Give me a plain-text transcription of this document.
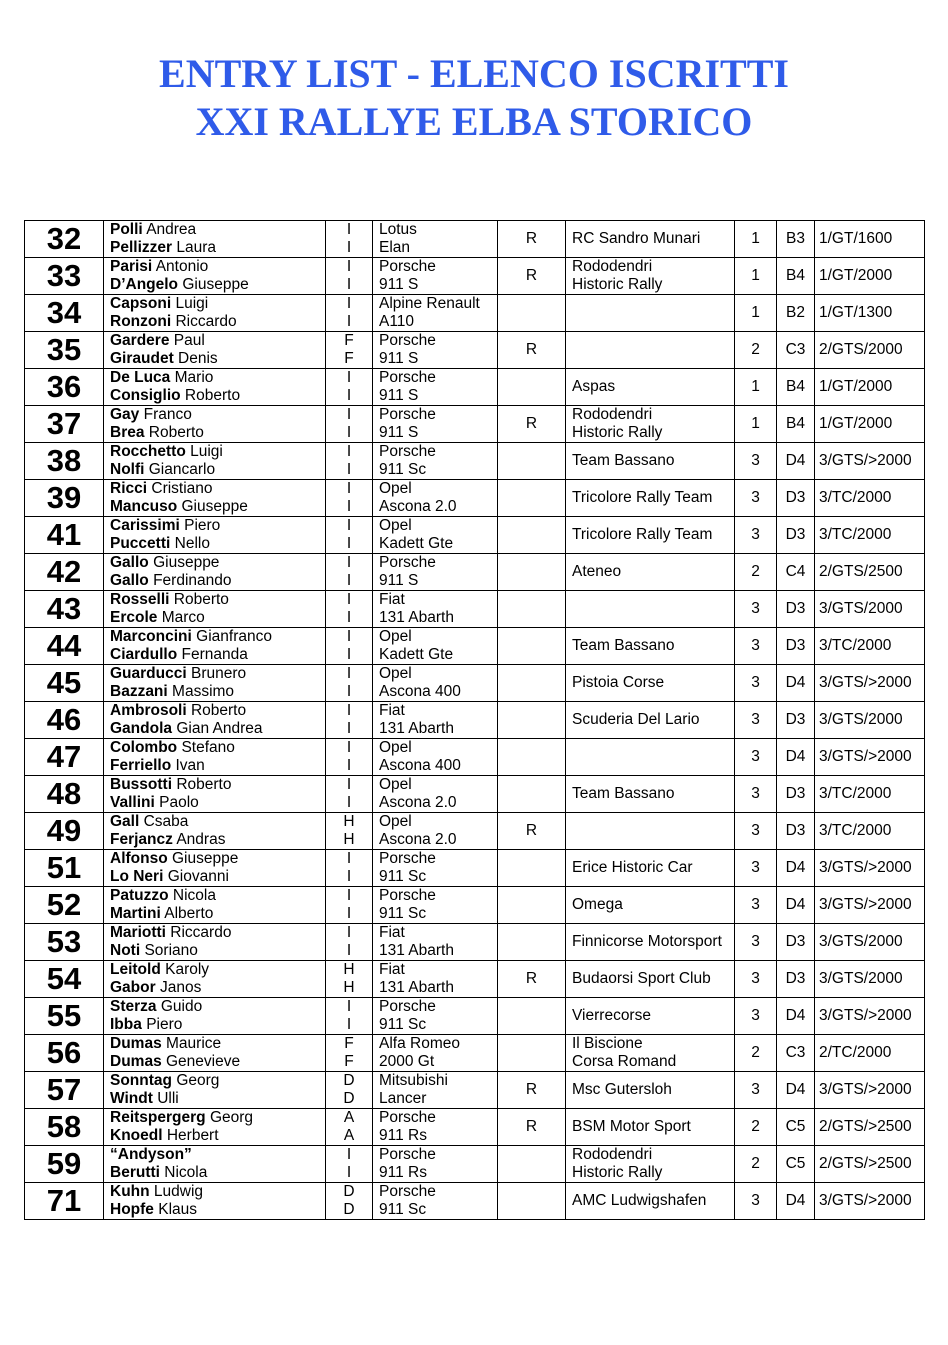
ENTRY LIST - ELENCO ISCRITTI
XXI RALLYE ELBA STORICO
32	Polli Andrea
Pellizzer Laura	I
I	Lotus
Elan	R	RC Sandro Munari	1	B3	1/GT/1600
33	Parisi Antonio
D’Angelo Giuseppe	I
I	Porsche
911 S	R	Rododendri
Historic Rally	1	B4	1/GT/2000
34	Capsoni Luigi
Ronzoni Riccardo	I
I	Alpine Renault
A110			1	B2	1/GT/1300
35	Gardere Paul
Giraudet Denis	F
F	Porsche
911 S	R		2	C3	2/GTS/2000
36	De Luca Mario
Consiglio Roberto	I
I	Porsche
911 S		Aspas	1	B4	1/GT/2000
37	Gay Franco
Brea Roberto	I
I	Porsche
911 S	R	Rododendri
Historic Rally	1	B4	1/GT/2000
38	Rocchetto Luigi
Nolfi Giancarlo	I
I	Porsche
911 Sc		Team Bassano	3	D4	3/GTS/>2000
39	Ricci Cristiano
Mancuso Giuseppe	I
I	Opel
Ascona 2.0		Tricolore Rally Team	3	D3	3/TC/2000
41	Carissimi Piero
Puccetti Nello	I
I	Opel
Kadett Gte		Tricolore Rally Team	3	D3	3/TC/2000
42	Gallo Giuseppe
Gallo Ferdinando	I
I	Porsche
911 S		Ateneo	2	C4	2/GTS/2500
43	Rosselli Roberto
Ercole Marco	I
I	Fiat
131 Abarth			3	D3	3/GTS/2000
44	Marconcini Gianfranco
Ciardullo Fernanda	I
I	Opel
Kadett Gte		Team Bassano	3	D3	3/TC/2000
45	Guarducci Brunero
Bazzani Massimo	I
I	Opel
Ascona 400		Pistoia Corse	3	D4	3/GTS/>2000
46	Ambrosoli Roberto
Gandola Gian Andrea	I
I	Fiat
131 Abarth		Scuderia Del Lario	3	D3	3/GTS/2000
47	Colombo Stefano
Ferriello Ivan	I
I	Opel
Ascona 400			3	D4	3/GTS/>2000
48	Bussotti Roberto
Vallini Paolo	I
I	Opel
Ascona 2.0		Team Bassano	3	D3	3/TC/2000
49	Gall Csaba
Ferjancz Andras	H
H	Opel
Ascona 2.0	R		3	D3	3/TC/2000
51	Alfonso Giuseppe
Lo Neri Giovanni	I
I	Porsche
911 Sc		Erice Historic Car	3	D4	3/GTS/>2000
52	Patuzzo Nicola
Martini Alberto	I
I	Porsche
911 Sc		Omega	3	D4	3/GTS/>2000
53	Mariotti Riccardo
Noti Soriano	I
I	Fiat
131 Abarth		Finnicorse Motorsport	3	D3	3/GTS/2000
54	Leitold Karoly
Gabor Janos	H
H	Fiat
131 Abarth	R	Budaorsi Sport Club	3	D3	3/GTS/2000
55	Sterza Guido
Ibba Piero	I
I	Porsche
911 Sc		Vierrecorse	3	D4	3/GTS/>2000
56	Dumas Maurice
Dumas Genevieve	F
F	Alfa Romeo
2000 Gt		Il Biscione
Corsa Romand	2	C3	2/TC/2000
57	Sonntag Georg
Windt Ulli	D
D	Mitsubishi
Lancer	R	Msc Gutersloh	3	D4	3/GTS/>2000
58	Reitspergerg Georg
Knoedl Herbert	A
A	Porsche
911 Rs	R	BSM Motor Sport	2	C5	2/GTS/>2500
59	“Andyson”
Berutti Nicola	I
I	Porsche
911 Rs		Rododendri
Historic Rally	2	C5	2/GTS/>2500
71	Kuhn Ludwig
Hopfe Klaus	D
D	Porsche
911 Sc		AMC Ludwigshafen	3	D4	3/GTS/>2000
